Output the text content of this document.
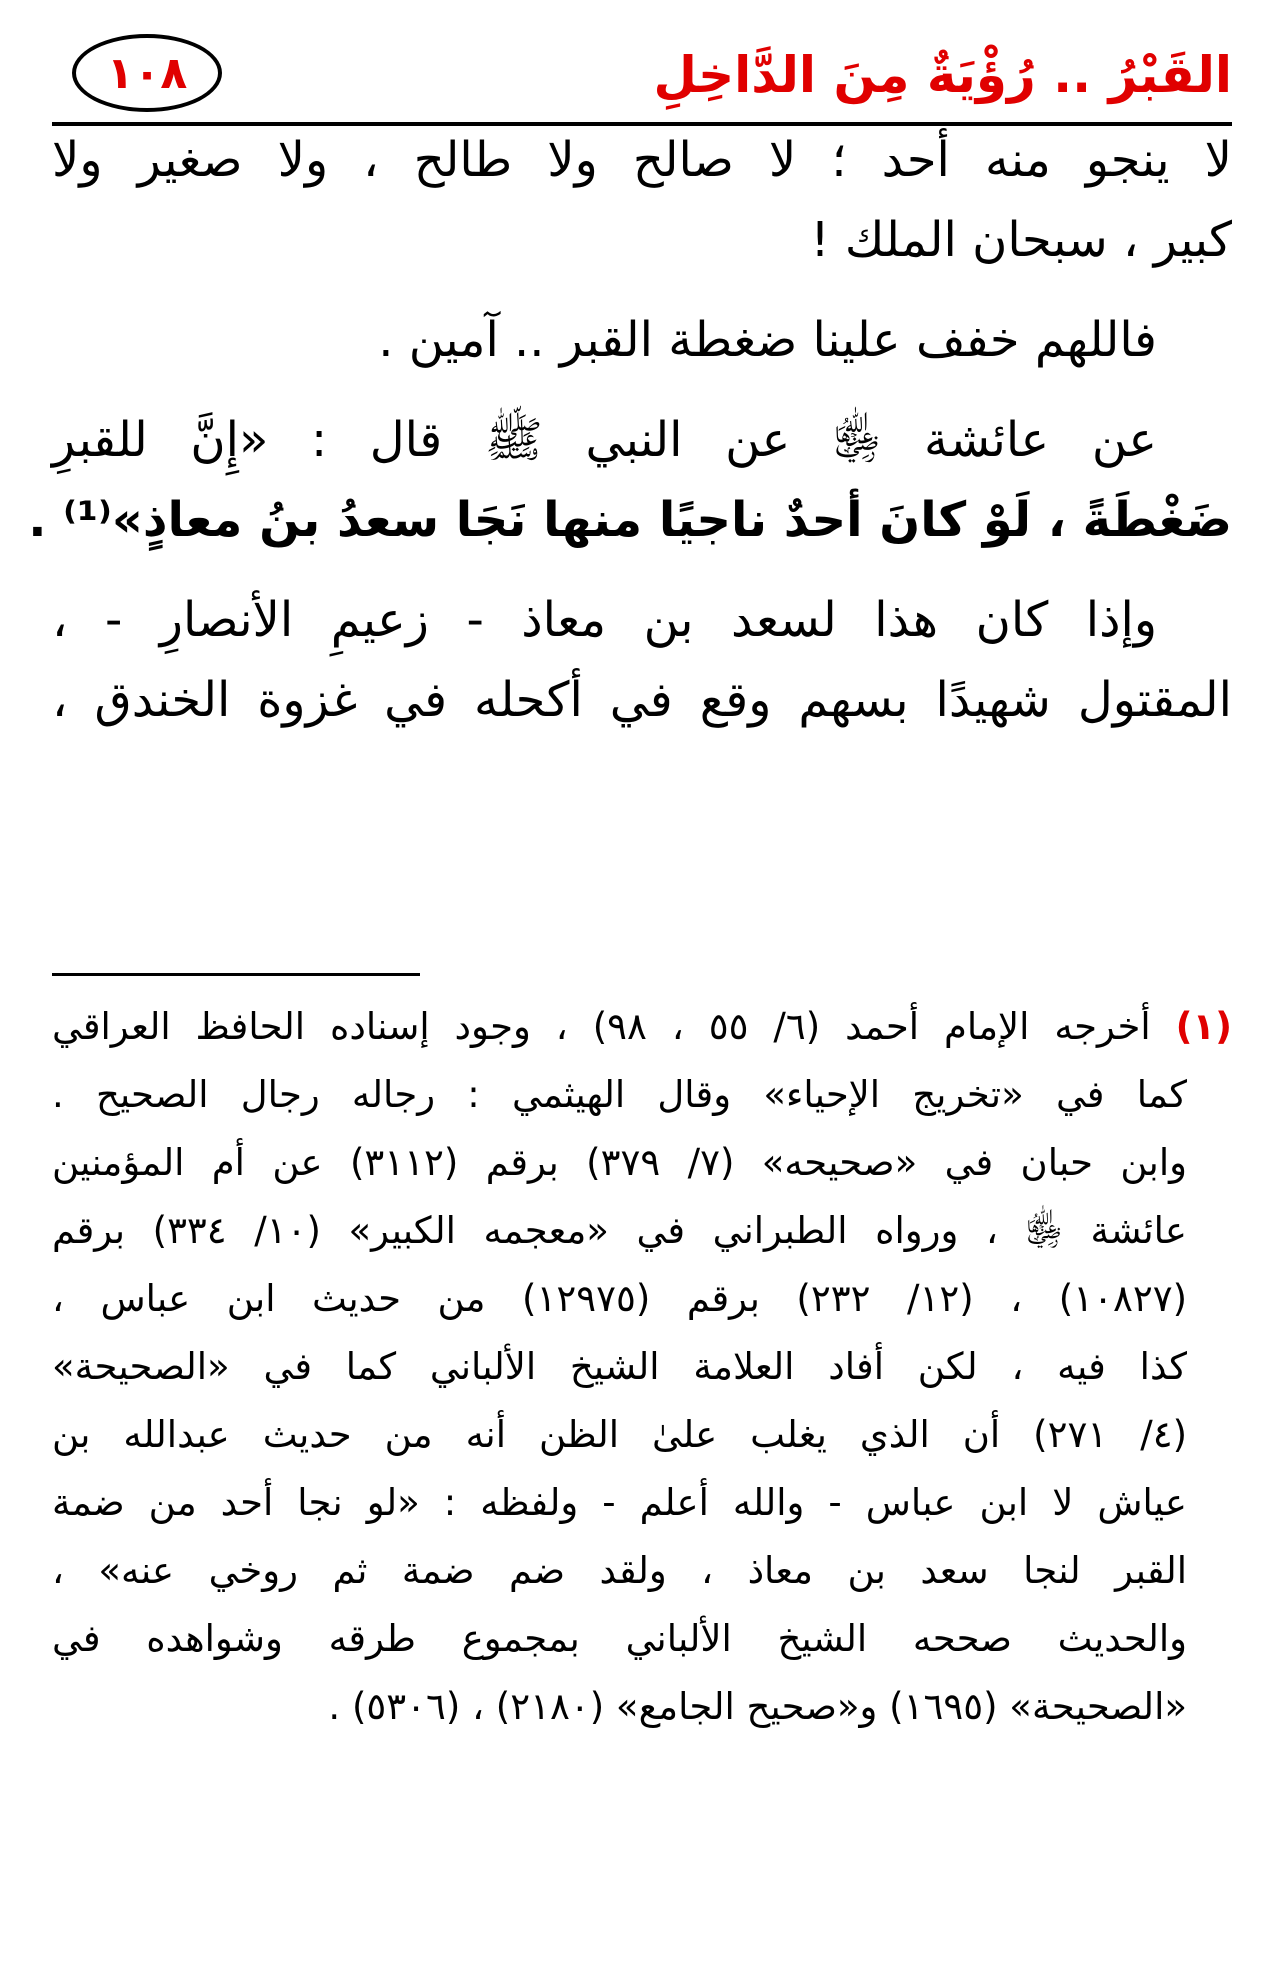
١٠٨	القَبْرُ .. رُؤْيَةٌ مِنَ الدَّاخِلِ
لا ينجو منه أحد ؛ لا صالح ولا طالح ، ولا صغير ولا
كبير ، سبحان الملك !
فاللهم خفف علينا ضغطة القبر .. آمين .
عن عائشة ﵂ عن النبي ﷺ قال : «إِنَّ للقبرِ
ضَغْطَةً ، لَوْ كانَ أحدٌ ناجيًا منها نَجَا سعدُ بنُ معاذٍ»⁽¹⁾ .
وإذا كان هذا لسعد بن معاذ - زعيمِ الأنصارِ - ،
المقتول شهيدًا بسهم وقع في أكحله في غزوة الخندق ،
(١) أخرجه الإمام أحمد (٦/ ٥٥ ، ٩٨) ، وجود إسناده الحافظ العراقي
كما في «تخريج الإحياء» وقال الهيثمي : رجاله رجال الصحيح .
وابن حبان في «صحيحه» (٧/ ٣٧٩) برقم (٣١١٢) عن أم المؤمنين
عائشة ﵂ ، ورواه الطبراني في «معجمه الكبير» (١٠/ ٣٣٤) برقم
(١٠٨٢٧) ، (١٢/ ٢٣٢) برقم (١٢٩٧٥) من حديث ابن عباس ،
كذا فيه ، لكن أفاد العلامة الشيخ الألباني كما في «الصحيحة»
(٤/ ٢٧١) أن الذي يغلب علىٰ الظن أنه من حديث عبدالله بن
عياش لا ابن عباس - والله أعلم - ولفظه : «لو نجا أحد من ضمة
القبر لنجا سعد بن معاذ ، ولقد ضم ضمة ثم روخي عنه» ،
والحديث صححه الشيخ الألباني بمجموع طرقه وشواهده في
«الصحيحة» (١٦٩٥) و«صحيح الجامع» (٢١٨٠) ، (٥٣٠٦) .
